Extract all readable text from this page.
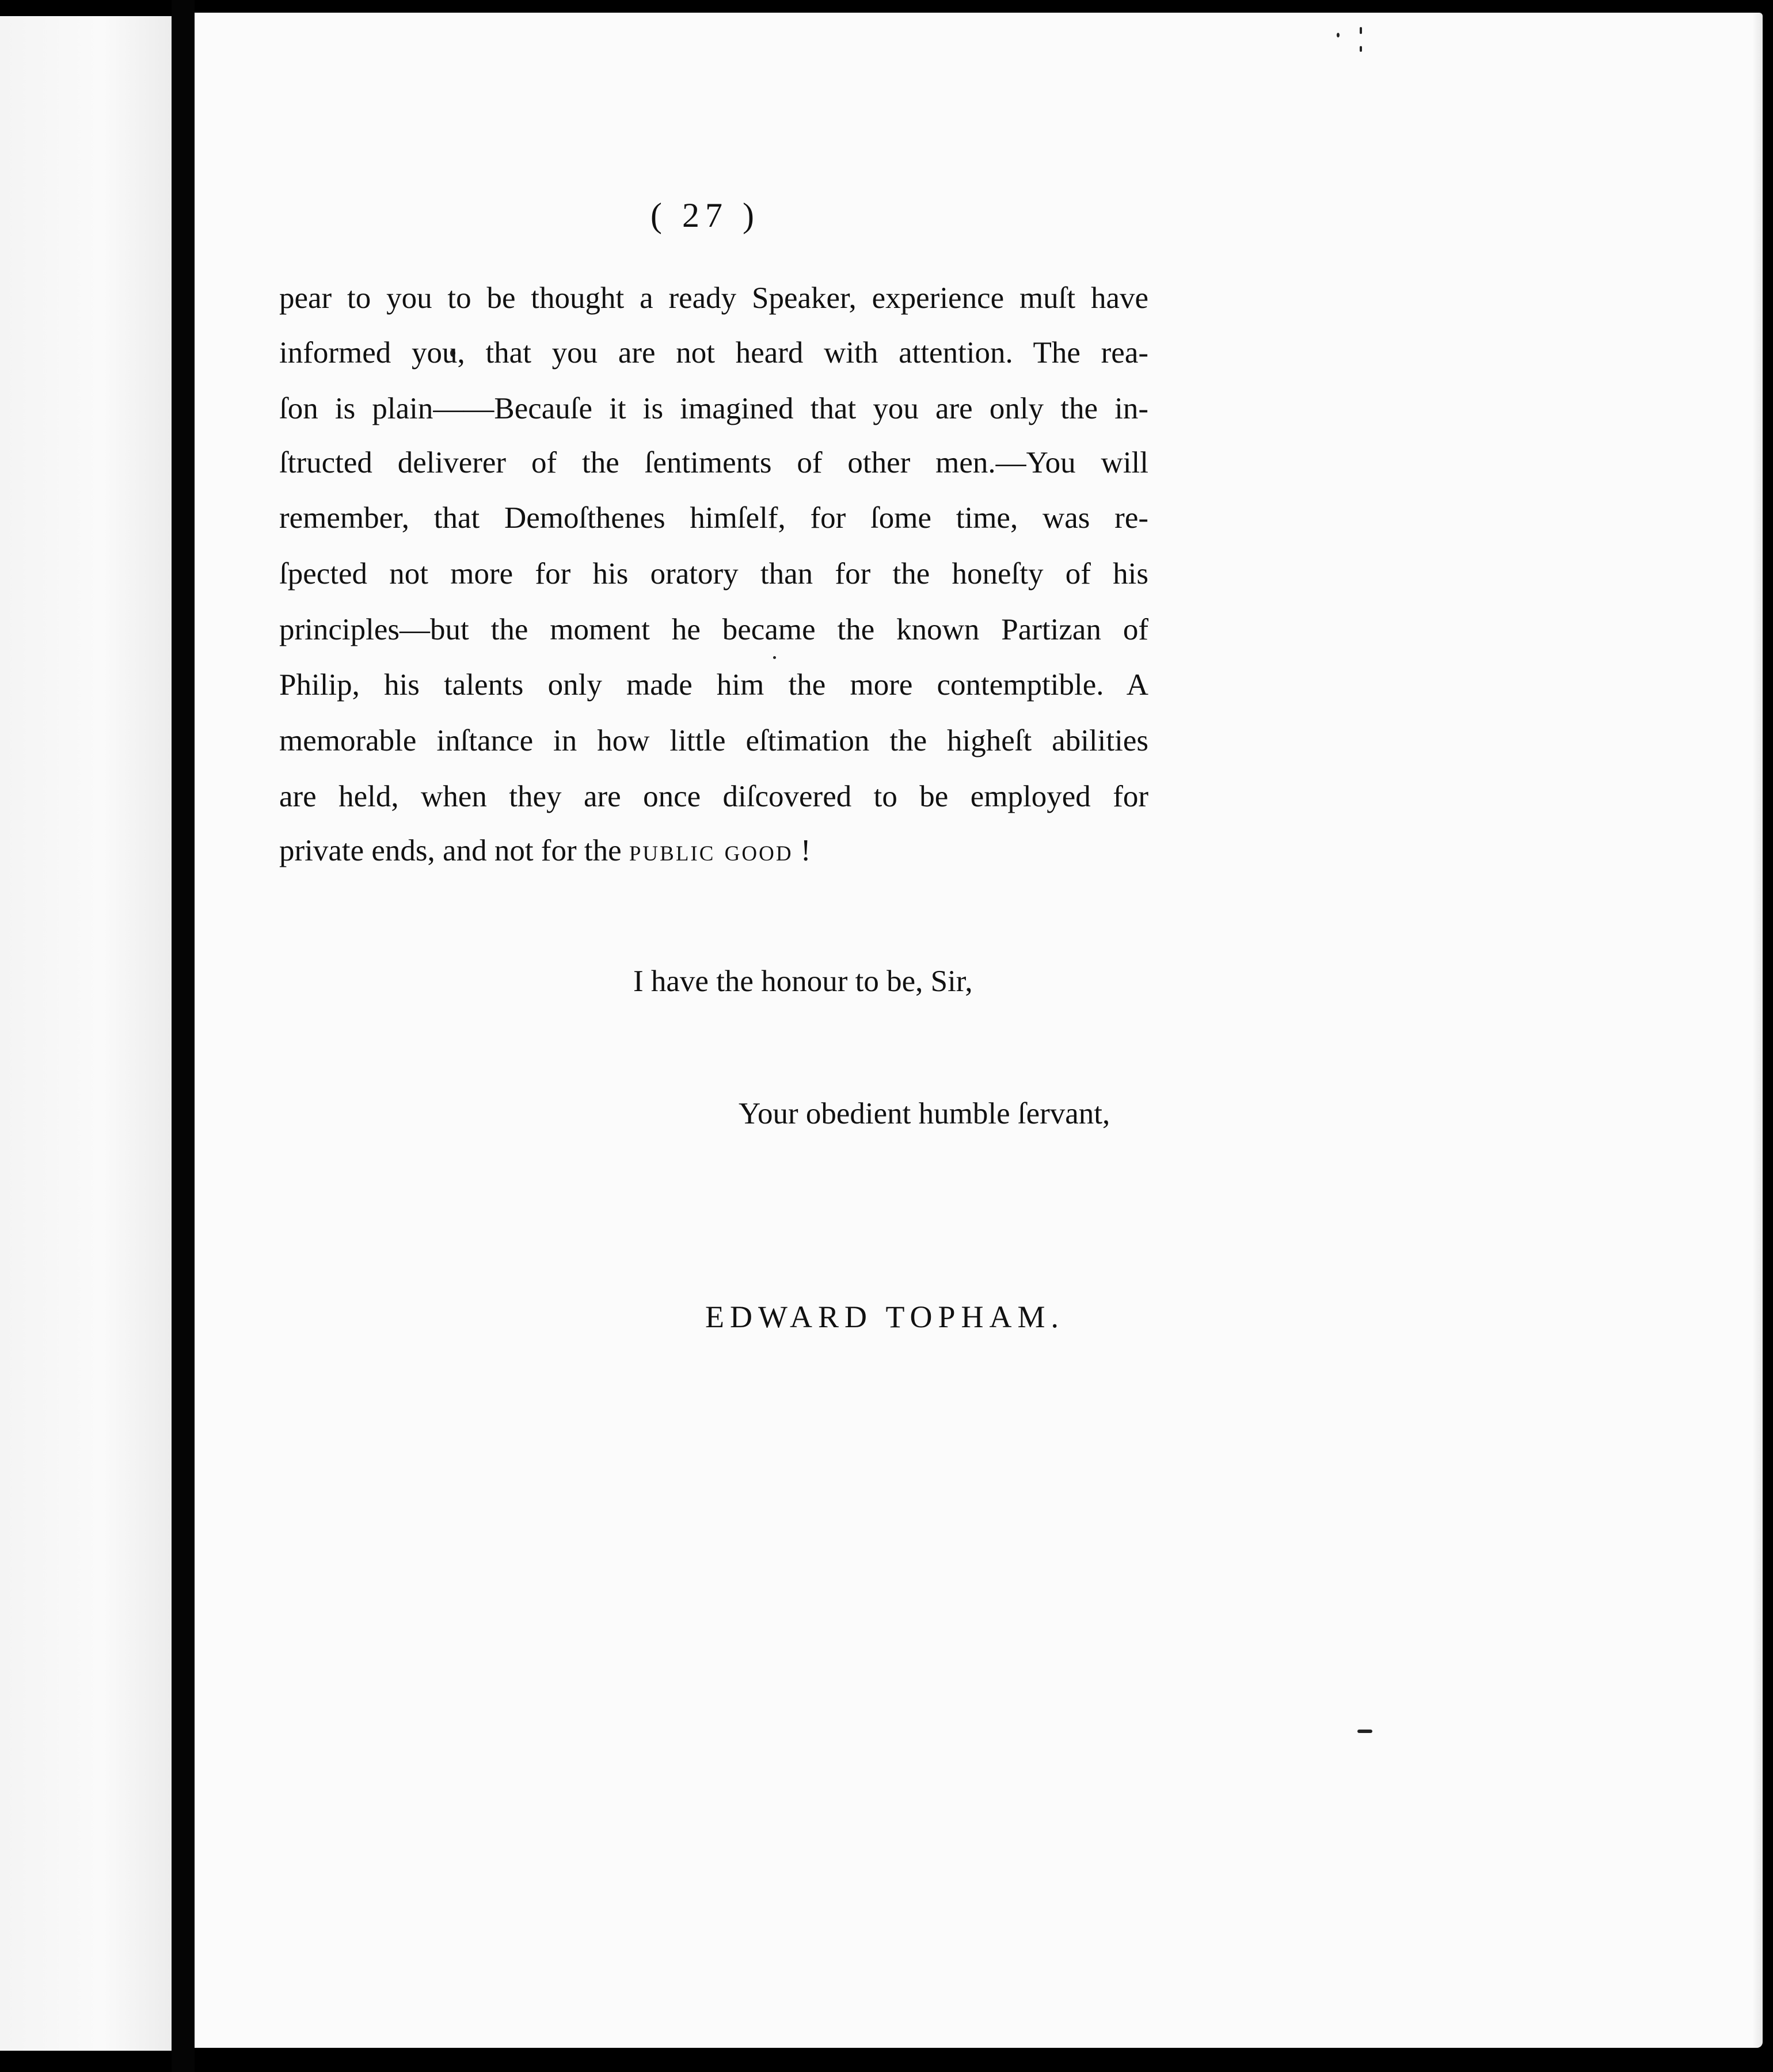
( 27 )
pear to you to be thought a ready Speaker, experience muſt have
informed you, that you are not heard with attention. The rea-
ſon is plain——Becauſe it is imagined that you are only the in-
ſtructed deliverer of the ſentiments of other men.—You will
remember, that Demoſthenes himſelf, for ſome time, was re-
ſpected not more for his oratory than for the honeſty of his
principles—but the moment he became the known Partizan of
Philip, his talents only made him the more contemptible. A
memorable inſtance in how little eſtimation the higheſt abilities
are held, when they are once diſcovered to be employed for
private ends, and not for the public good !
I have the honour to be, Sir,
Your obedient humble ſervant,
EDWARD TOPHAM.
